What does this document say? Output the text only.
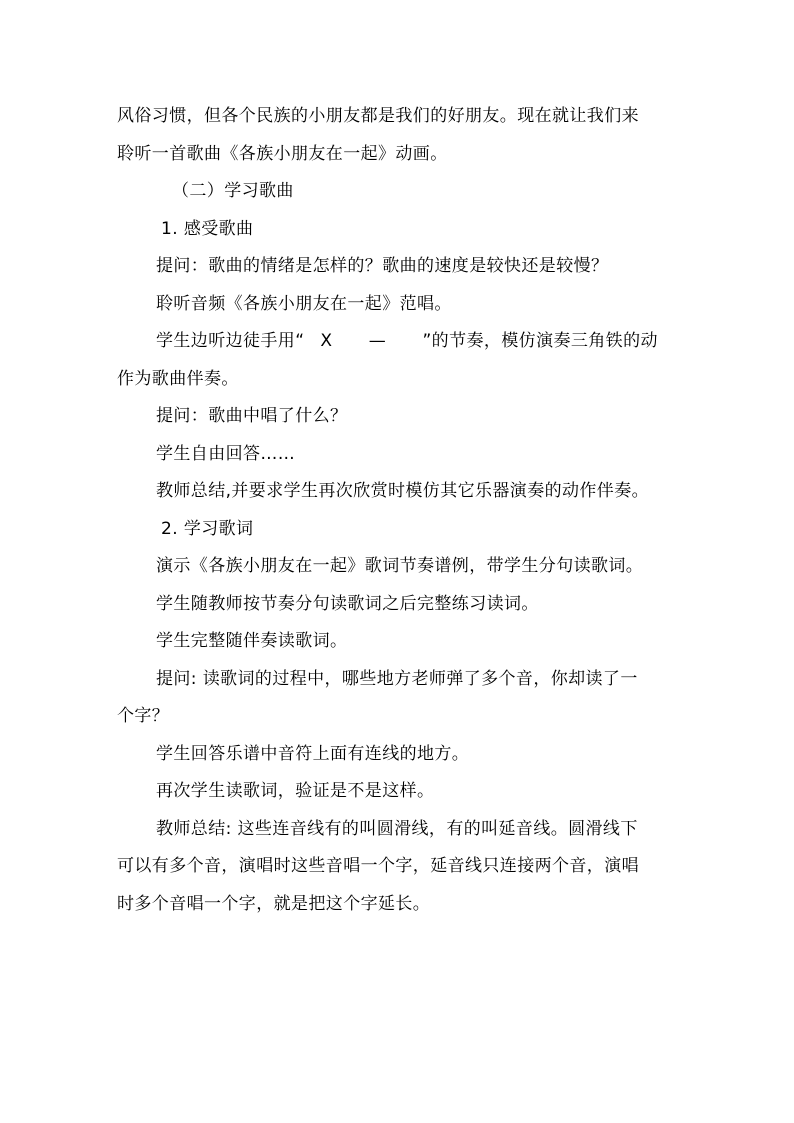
风俗习惯，但各个民族的小朋友都是我们的好朋友。现在就让我们来
聆听一首歌曲《各族小朋友在一起》动画。
（二）学习歌曲
1. 感受歌曲
提问：歌曲的情绪是怎样的？歌曲的速度是较快还是较慢？
聆听音频《各族小朋友在一起》范唱。
学生边听边徒手用“ X — ”的节奏，模仿演奏三角铁的动
作为歌曲伴奏。
提问：歌曲中唱了什么？
学生自由回答……
教师总结,并要求学生再次欣赏时模仿其它乐器演奏的动作伴奏。
2. 学习歌词
演示《各族小朋友在一起》歌词节奏谱例，带学生分句读歌词。
学生随教师按节奏分句读歌词之后完整练习读词。
学生完整随伴奏读歌词。
提问: 读歌词的过程中，哪些地方老师弹了多个音，你却读了一
个字？
学生回答乐谱中音符上面有连线的地方。
再次学生读歌词，验证是不是这样。
教师总结: 这些连音线有的叫圆滑线，有的叫延音线。圆滑线下
可以有多个音，演唱时这些音唱一个字，延音线只连接两个音，演唱
时多个音唱一个字，就是把这个字延长。
